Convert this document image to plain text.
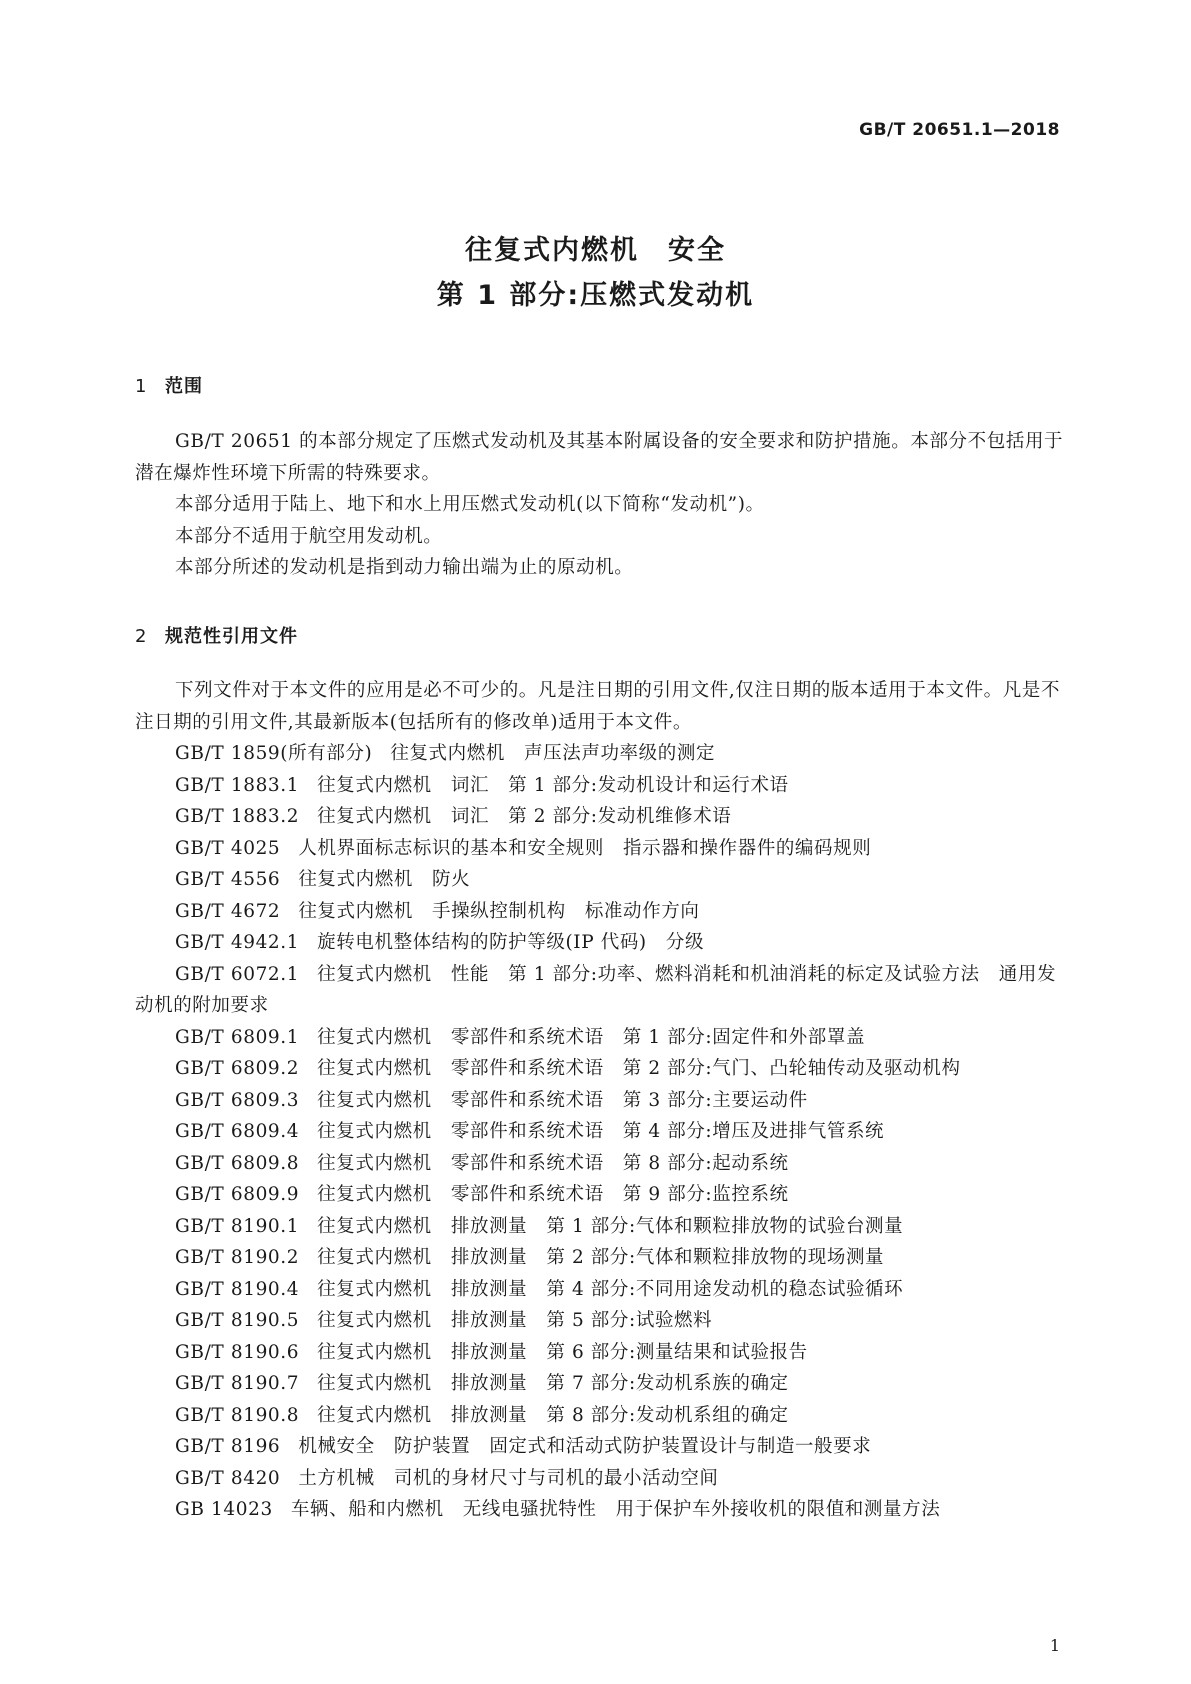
GB/T 20651.1—2018
往复式内燃机　安全
第 1 部分:压燃式发动机
1 范围

GB/T 20651 的本部分规定了压燃式发动机及其基本附属设备的安全要求和防护措施。本部分不包括用于潜在爆炸性环境下所需的特殊要求。

本部分适用于陆上、地下和水上用压燃式发动机(以下简称“发动机”)。

本部分不适用于航空用发动机。

本部分所述的发动机是指到动力输出端为止的原动机。

2 规范性引用文件

下列文件对于本文件的应用是必不可少的。凡是注日期的引用文件,仅注日期的版本适用于本文件。凡是不注日期的引用文件,其最新版本(包括所有的修改单)适用于本文件。

GB/T 1859(所有部分) 往复式内燃机　声压法声功率级的测定
GB/T 1883.1 往复式内燃机　词汇　第 1 部分:发动机设计和运行术语
GB/T 1883.2 往复式内燃机　词汇　第 2 部分:发动机维修术语
GB/T 4025 人机界面标志标识的基本和安全规则　指示器和操作器件的编码规则
GB/T 4556 往复式内燃机　防火
GB/T 4672 往复式内燃机　手操纵控制机构　标准动作方向
GB/T 4942.1 旋转电机整体结构的防护等级(IP 代码)　分级
GB/T 6072.1 往复式内燃机　性能　第 1 部分:功率、燃料消耗和机油消耗的标定及试验方法　通用发动机的附加要求
GB/T 6809.1 往复式内燃机　零部件和系统术语　第 1 部分:固定件和外部罩盖
GB/T 6809.2 往复式内燃机　零部件和系统术语　第 2 部分:气门、凸轮轴传动及驱动机构
GB/T 6809.3 往复式内燃机　零部件和系统术语　第 3 部分:主要运动件
GB/T 6809.4 往复式内燃机　零部件和系统术语　第 4 部分:增压及进排气管系统
GB/T 6809.8 往复式内燃机　零部件和系统术语　第 8 部分:起动系统
GB/T 6809.9 往复式内燃机　零部件和系统术语　第 9 部分:监控系统
GB/T 8190.1 往复式内燃机　排放测量　第 1 部分:气体和颗粒排放物的试验台测量
GB/T 8190.2 往复式内燃机　排放测量　第 2 部分:气体和颗粒排放物的现场测量
GB/T 8190.4 往复式内燃机　排放测量　第 4 部分:不同用途发动机的稳态试验循环
GB/T 8190.5 往复式内燃机　排放测量　第 5 部分:试验燃料
GB/T 8190.6 往复式内燃机　排放测量　第 6 部分:测量结果和试验报告
GB/T 8190.7 往复式内燃机　排放测量　第 7 部分:发动机系族的确定
GB/T 8190.8 往复式内燃机　排放测量　第 8 部分:发动机系组的确定
GB/T 8196 机械安全　防护装置　固定式和活动式防护装置设计与制造一般要求
GB/T 8420 土方机械　司机的身材尺寸与司机的最小活动空间
GB 14023 车辆、船和内燃机　无线电骚扰特性　用于保护车外接收机的限值和测量方法
1
